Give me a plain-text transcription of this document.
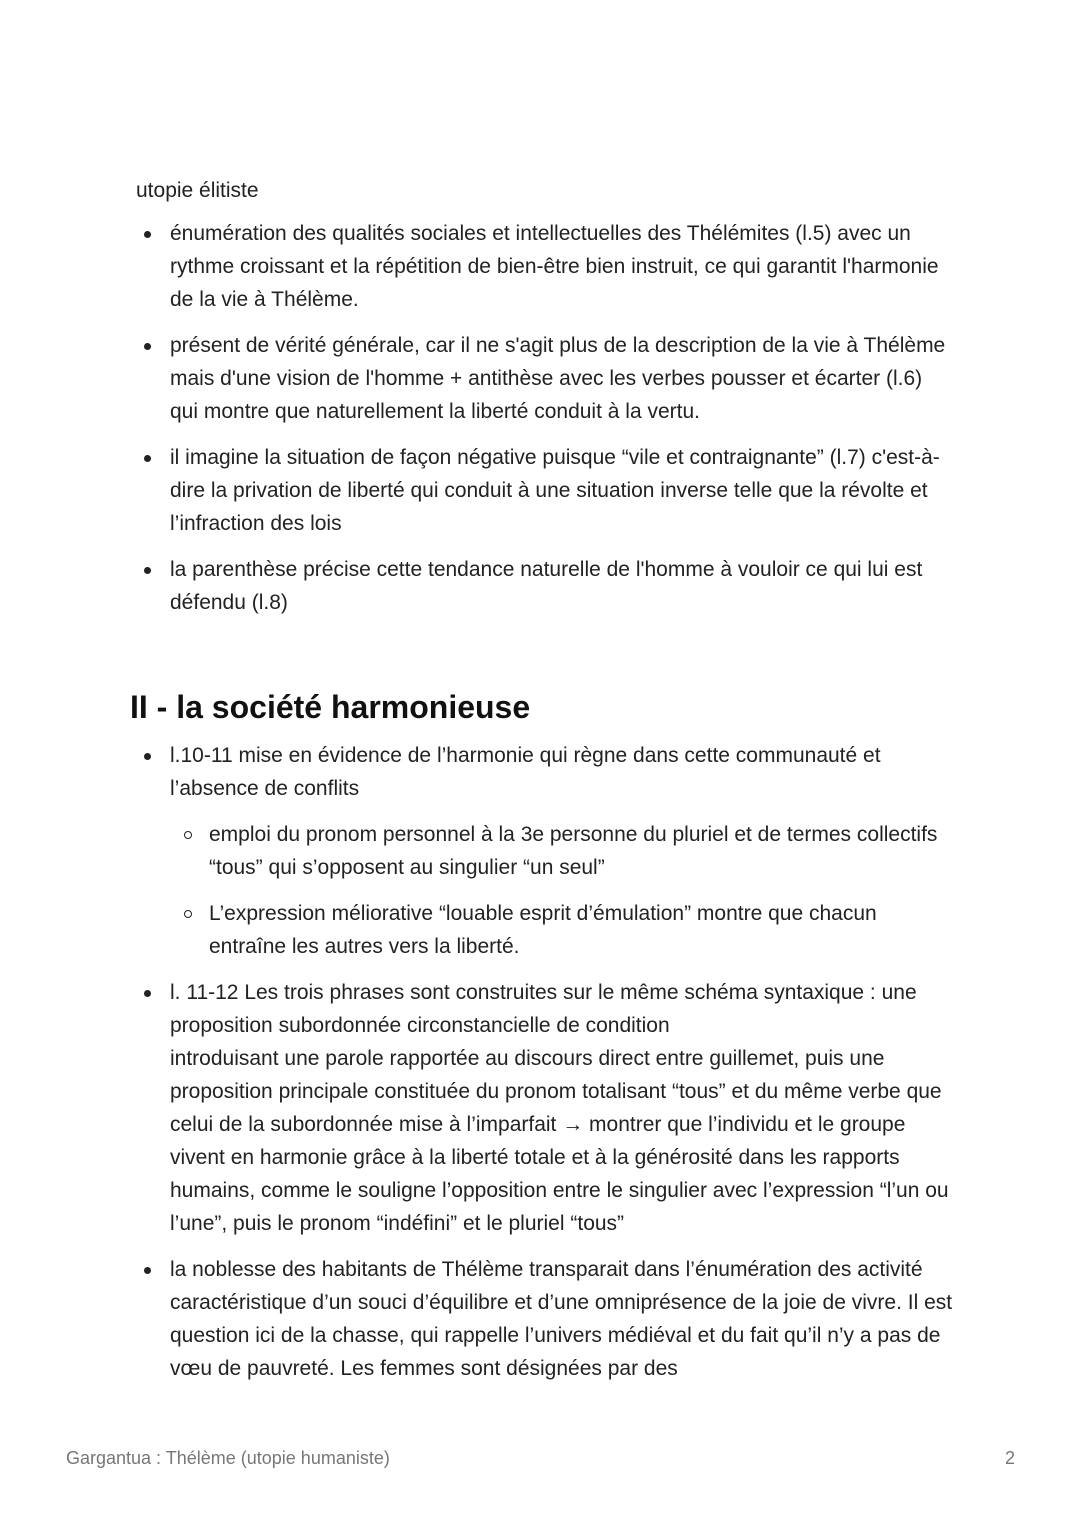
utopie élitiste

énumération des qualités sociales et intellectuelles des Thélémites (l.5) avec un rythme croissant et la répétition de bien-être bien instruit, ce qui garantit l'harmonie de la vie à Thélème.
présent de vérité générale, car il ne s'agit plus de la description de la vie à Thélème mais d'une vision de l'homme + antithèse avec les verbes pousser et écarter (l.6) qui montre que naturellement la liberté conduit à la vertu.
il imagine la situation de façon négative puisque “vile et contraignante” (l.7) c'est-à-dire la privation de liberté qui conduit à une situation inverse telle que la révolte et l’infraction des lois
la parenthèse précise cette tendance naturelle de l'homme à vouloir ce qui lui est défendu (l.8)
II - la société harmonieuse
l.10-11 mise en évidence de l’harmonie qui règne dans cette communauté et l’absence de conflits
emploi du pronom personnel à la 3e personne du pluriel et de termes collectifs “tous” qui s’opposent au singulier “un seul”
L’expression méliorative “louable esprit d’émulation” montre que chacun entraîne les autres vers la liberté.
l. 11-12 Les trois phrases sont construites sur le même schéma syntaxique : une proposition subordonnée circonstancielle de condition
introduisant une parole rapportée au discours direct entre guillemet, puis une proposition principale constituée du pronom totalisant “tous” et du même verbe que celui de la subordonnée mise à l’imparfait → montrer que l’individu et le groupe vivent en harmonie grâce à la liberté totale et à la générosité dans les rapports humains, comme le souligne l’opposition entre le singulier avec l’expression “l’un ou l’une”, puis le pronom “indéfini” et le pluriel “tous”
la noblesse des habitants de Thélème transparait dans l’énumération des activité caractéristique d’un souci d’équilibre et d’une omniprésence de la joie de vivre. Il est question ici de la chasse, qui rappelle l’univers médiéval et du fait qu’il n’y a pas de vœu de pauvreté. Les femmes sont désignées par des
Gargantua : Thélème (utopie humaniste)	2
